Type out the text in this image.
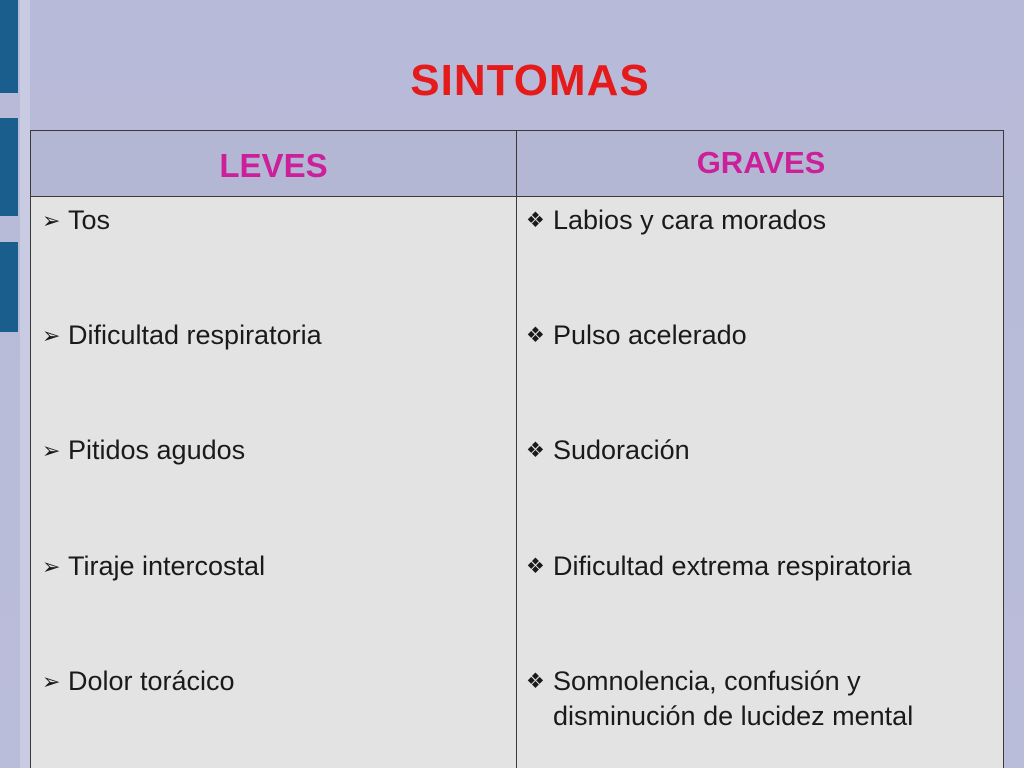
SINTOMAS
LEVES	GRAVES
➢ Tos
➢ Dificultad respiratoria
➢ Pitidos agudos
➢ Tiraje intercostal
➢ Dolor torácico
❖ Labios y cara morados
❖ Pulso acelerado
❖ Sudoración
❖ Dificultad extrema respiratoria
❖ Somnolencia, confusión y disminución de lucidez mental
